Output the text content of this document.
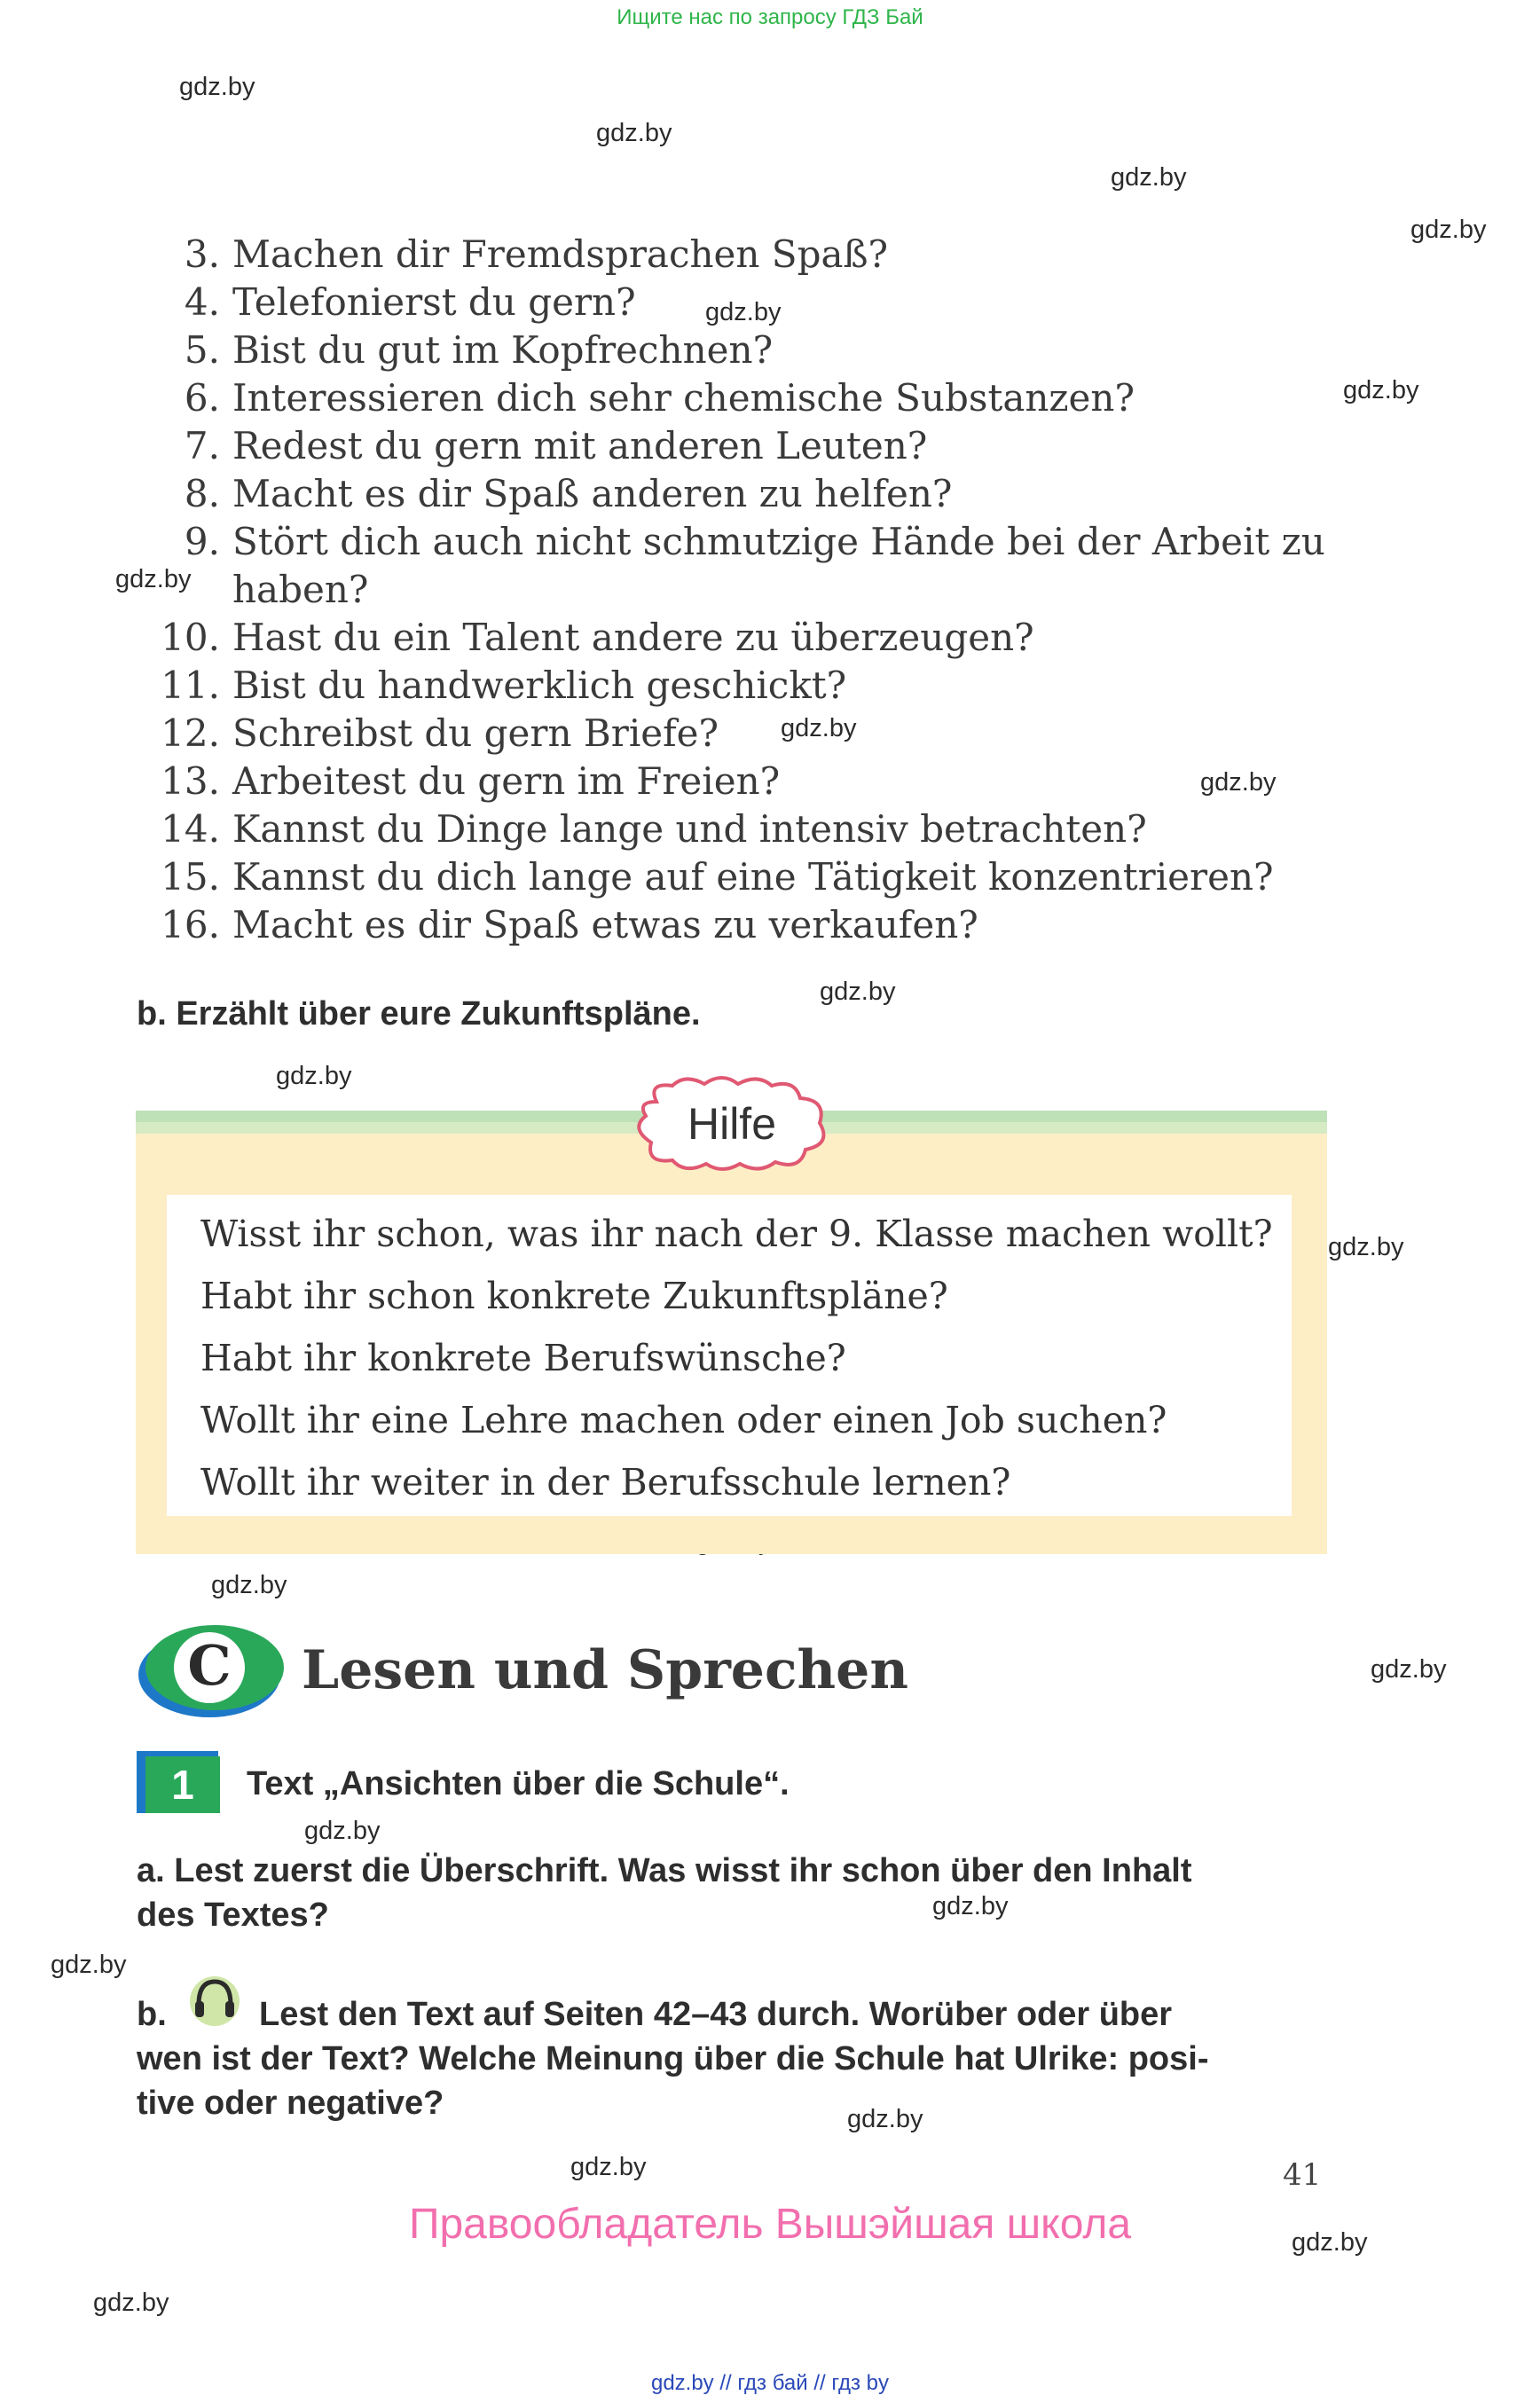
Ищите нас по запросу ГДЗ Бай
gdz.by
gdz.by
gdz.by
gdz.by
gdz.by
gdz.by
gdz.by
gdz.by
gdz.by
gdz.by
gdz.by
gdz.by
gdz.by
gdz.by
gdz.by
gdz.by
gdz.by
gdz.by
gdz.by
gdz.by
gdz.by
3. Machen dir Fremdsprachen Spaß?
4. Telefonierst du gern?
5. Bist du gut im Kopfrechnen?
6. Interessieren dich sehr chemische Substanzen?
7. Redest du gern mit anderen Leuten?
8. Macht es dir Spaß anderen zu helfen?
9. Stört dich auch nicht schmutzige Hände bei der Arbeit zu
haben?
10. Hast du ein Talent andere zu überzeugen?
11. Bist du handwerklich geschickt?
12. Schreibst du gern Briefe?
13. Arbeitest du gern im Freien?
14. Kannst du Dinge lange und intensiv betrachten?
15. Kannst du dich lange auf eine Tätigkeit konzentrieren?
16. Macht es dir Spaß etwas zu verkaufen?
b. Erzählt über eure Zukunftspläne.
Hilfe
Wisst ihr schon, was ihr nach der 9. Klasse machen wollt?
Habt ihr schon konkrete Zukunftspläne?
Habt ihr konkrete Berufswünsche?
Wollt ihr eine Lehre machen oder einen Job suchen?
Wollt ihr weiter in der Berufsschule lernen?
C Lesen und Sprechen
1	Text „Ansichten über die Schule“.
a. Lest zuerst die Überschrift. Was wisst ihr schon über den Inhalt
des Textes?
b.	Lest den Text auf Seiten 42–43 durch. Worüber oder über
wen ist der Text? Welche Meinung über die Schule hat Ulrike: posi-
tive oder negative?
41
Правообладатель Вышэйшая школа
gdz.by // гдз бай // гдз by
